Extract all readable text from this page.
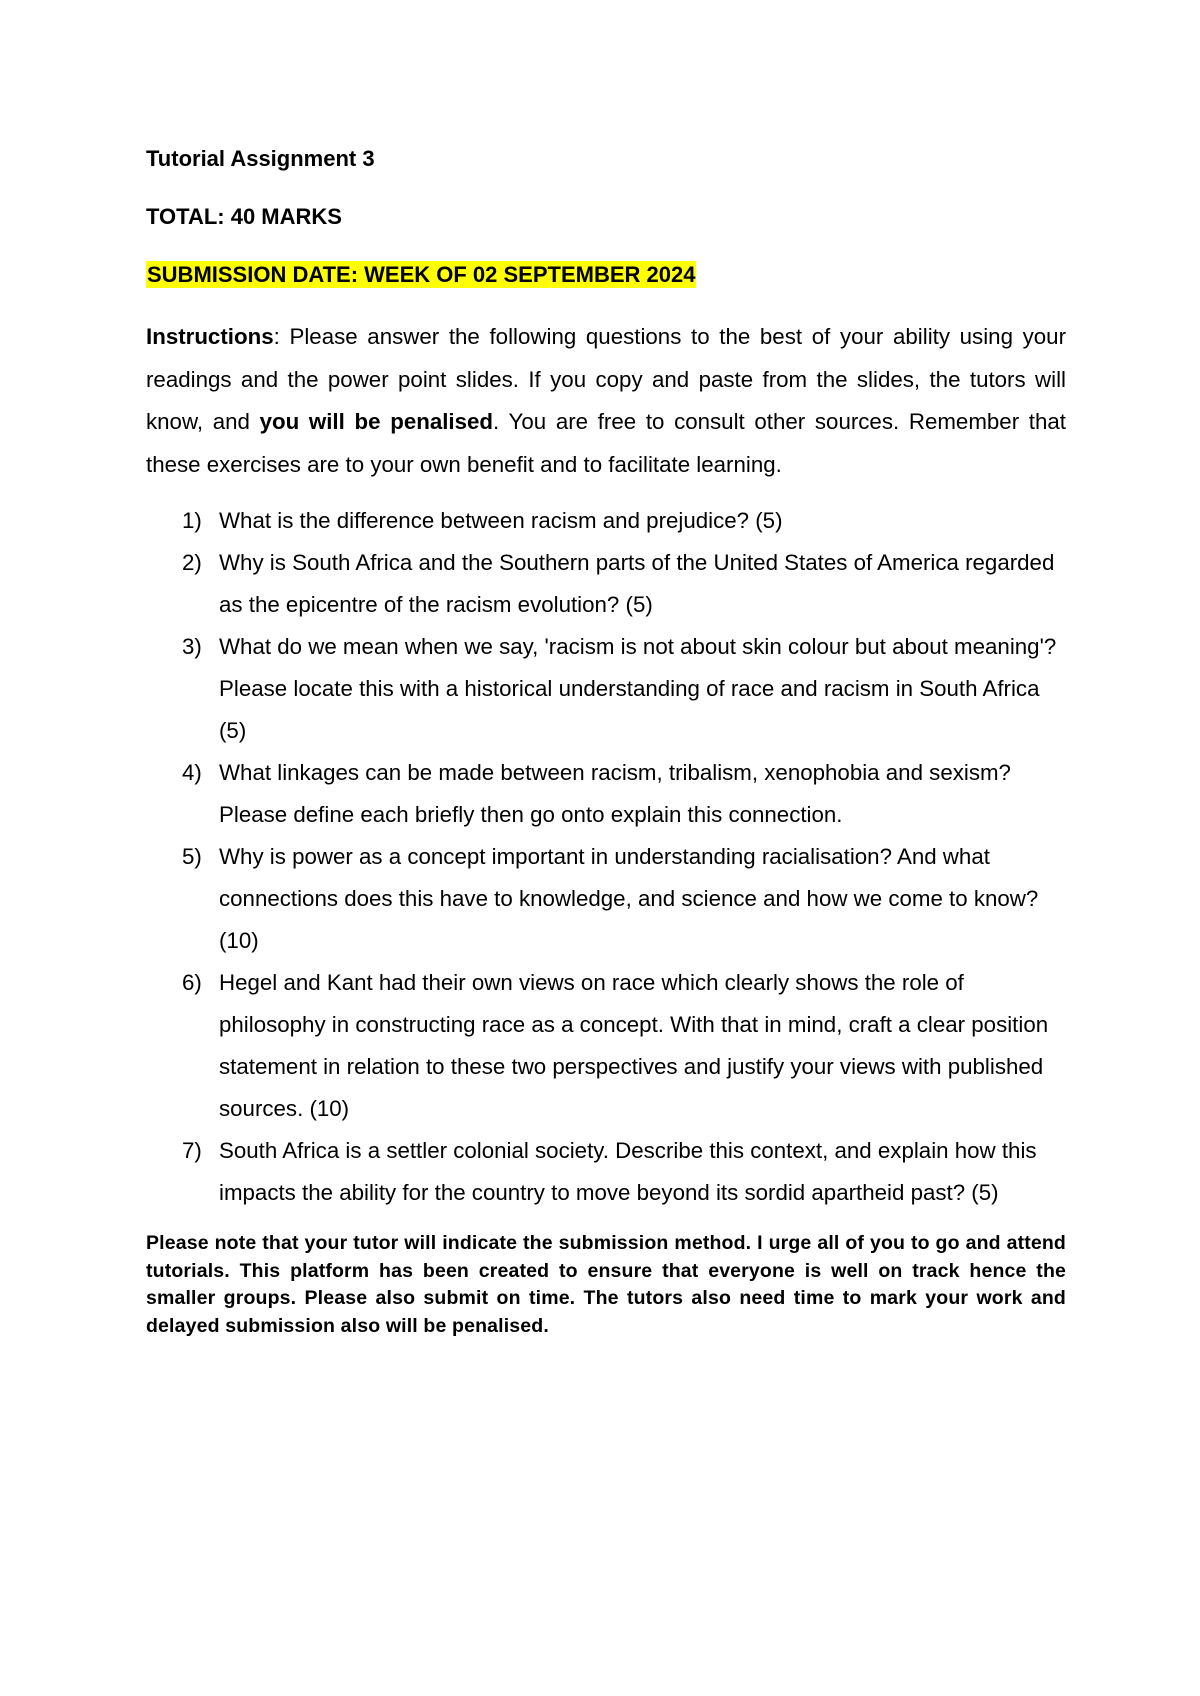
Tutorial Assignment 3
TOTAL: 40 MARKS
SUBMISSION DATE: WEEK OF 02 SEPTEMBER 2024
Instructions: Please answer the following questions to the best of your ability using your readings and the power point slides. If you copy and paste from the slides, the tutors will know, and you will be penalised. You are free to consult other sources. Remember that these exercises are to your own benefit and to facilitate learning.
1) What is the difference between racism and prejudice? (5)
2) Why is South Africa and the Southern parts of the United States of America regarded as the epicentre of the racism evolution? (5)
3) What do we mean when we say, 'racism is not about skin colour but about meaning'? Please locate this with a historical understanding of race and racism in South Africa (5)
4) What linkages can be made between racism, tribalism, xenophobia and sexism? Please define each briefly then go onto explain this connection.
5) Why is power as a concept important in understanding racialisation? And what connections does this have to knowledge, and science and how we come to know? (10)
6) Hegel and Kant had their own views on race which clearly shows the role of philosophy in constructing race as a concept. With that in mind, craft a clear position statement in relation to these two perspectives and justify your views with published sources. (10)
7) South Africa is a settler colonial society. Describe this context, and explain how this impacts the ability for the country to move beyond its sordid apartheid past? (5)
Please note that your tutor will indicate the submission method. I urge all of you to go and attend tutorials. This platform has been created to ensure that everyone is well on track hence the smaller groups. Please also submit on time. The tutors also need time to mark your work and delayed submission also will be penalised.
